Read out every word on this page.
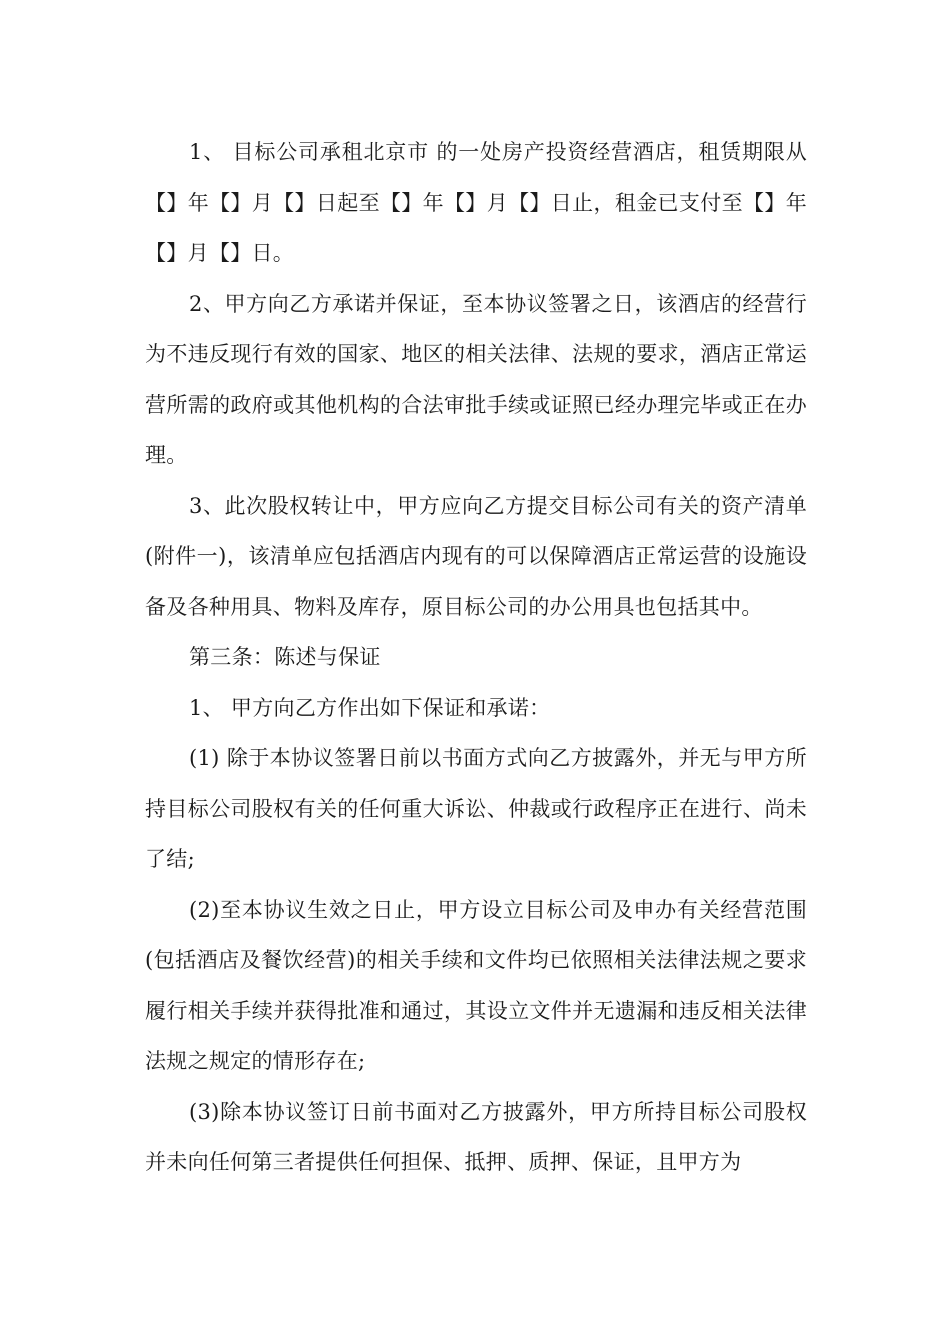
1、 目标公司承租北京市 的一处房产投资经营酒店，租赁期限从【】年【】月【】日起至【】年【】月【】日止，租金已支付至【】年【】月【】日。

2、甲方向乙方承诺并保证，至本协议签署之日，该酒店的经营行为不违反现行有效的国家、地区的相关法律、法规的要求，酒店正常运营所需的政府或其他机构的合法审批手续或证照已经办理完毕或正在办理。

3、此次股权转让中，甲方应向乙方提交目标公司有关的资产清单(附件一)，该清单应包括酒店内现有的可以保障酒店正常运营的设施设备及各种用具、物料及库存，原目标公司的办公用具也包括其中。

第三条：陈述与保证

1、 甲方向乙方作出如下保证和承诺：

(1) 除于本协议签署日前以书面方式向乙方披露外，并无与甲方所持目标公司股权有关的任何重大诉讼、仲裁或行政程序正在进行、尚未了结;

(2)至本协议生效之日止，甲方设立目标公司及申办有关经营范围(包括酒店及餐饮经营)的相关手续和文件均已依照相关法律法规之要求履行相关手续并获得批准和通过，其设立文件并无遗漏和违反相关法律法规之规定的情形存在;

(3)除本协议签订日前书面对乙方披露外，甲方所持目标公司股权并未向任何第三者提供任何担保、抵押、质押、保证，且甲方为
